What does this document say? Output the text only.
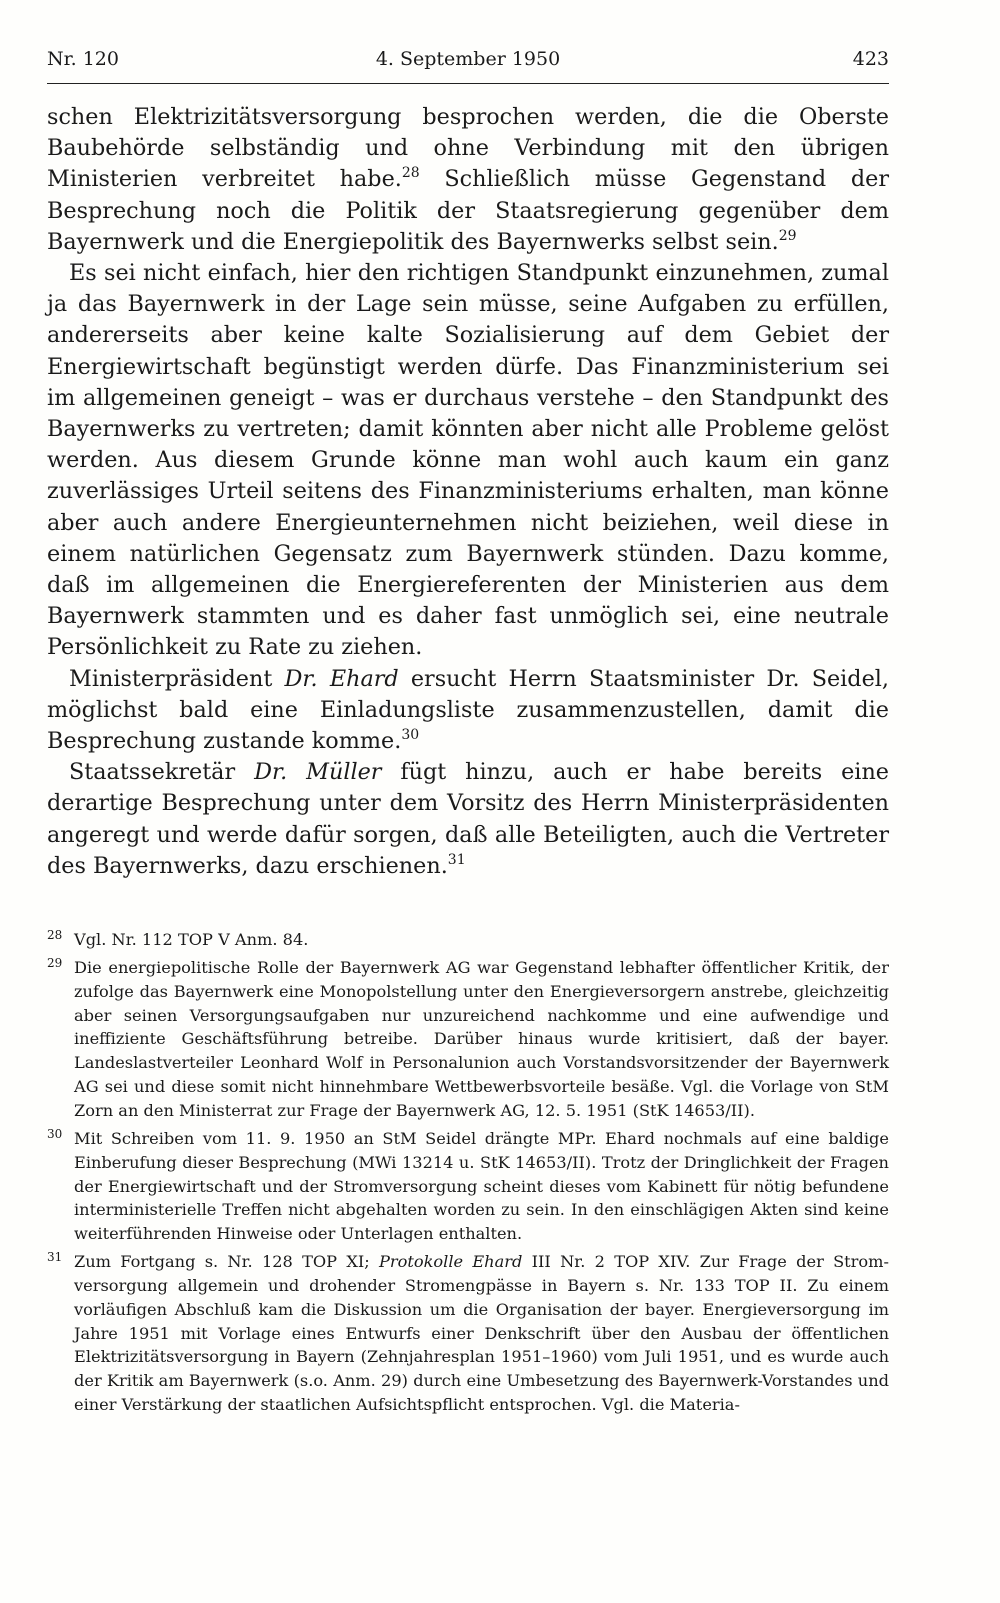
Nr. 120	4. September 1950	423

schen Elektrizitätsversorgung besprochen werden, die die Oberste Baubehörde selbständig und ohne Verbindung mit den übrigen Ministerien verbreitet habe.$^{28}$ Schließlich müsse Gegenstand der Besprechung noch die Politik der Staatsregierung gegenüber dem Bayernwerk und die Energiepolitik des Bayernwerks selbst sein.$^{29}$

Es sei nicht einfach, hier den richtigen Standpunkt einzunehmen, zumal ja das Bayernwerk in der Lage sein müsse, seine Aufgaben zu erfüllen, andererseits aber keine kalte Sozialisierung auf dem Gebiet der Energiewirtschaft begünstigt werden dürfe. Das Finanzministerium sei im allgemeinen geneigt – was er durchaus verstehe – den Standpunkt des Bayernwerks zu vertreten; damit könnten aber nicht alle Probleme gelöst werden. Aus diesem Grunde könne man wohl auch kaum ein ganz zuverlässiges Urteil seitens des Finanzministeriums erhalten, man könne aber auch andere Energieunternehmen nicht beiziehen, weil diese in einem natürlichen Gegensatz zum Bayernwerk stünden. Dazu komme, daß im allgemeinen die Energiereferenten der Ministerien aus dem Bayernwerk stammten und es daher fast unmöglich sei, eine neutrale Persönlichkeit zu Rate zu ziehen.

Ministerpräsident Dr. Ehard ersucht Herrn Staatsminister Dr. Seidel, möglichst bald eine Einladungsliste zusammenzustellen, damit die Besprechung zustande komme.$^{30}$

Staatssekretär Dr. Müller fügt hinzu, auch er habe bereits eine derartige Besprechung unter dem Vorsitz des Herrn Ministerpräsidenten angeregt und werde dafür sorgen, daß alle Beteiligten, auch die Vertreter des Bayernwerks, dazu erschienen.$^{31}$

28 Vgl. Nr. 112 TOP V Anm. 84.
29 Die energiepolitische Rolle der Bayernwerk AG war Gegenstand lebhafter öffentlicher Kritik, der zufolge das Bayernwerk eine Monopolstellung unter den Energieversorgern anstrebe, gleichzeitig aber seinen Versorgungsaufgaben nur unzureichend nachkomme und eine aufwendige und ineffiziente Geschäftsführung betreibe. Darüber hinaus wurde kritisiert, daß der bayer. Landeslastverteiler Leonhard Wolf in Personalunion auch Vorstandsvorsitzender der Bayernwerk AG sei und diese somit nicht hinnehmbare Wettbewerbsvorteile besäße. Vgl. die Vorlage von StM Zorn an den Ministerrat zur Frage der Bayernwerk AG, 12. 5. 1951 (StK 14653/II).
30 Mit Schreiben vom 11. 9. 1950 an StM Seidel drängte MPr. Ehard nochmals auf eine baldige Einberufung dieser Besprechung (MWi 13214 u. StK 14653/II). Trotz der Dringlichkeit der Fragen der Energiewirtschaft und der Stromversorgung scheint dieses vom Kabinett für nötig befundene interministerielle Treffen nicht abgehalten worden zu sein. In den einschlägigen Akten sind keine weiterführenden Hinweise oder Unterlagen enthalten.
31 Zum Fortgang s. Nr. 128 TOP XI; Protokolle Ehard III Nr. 2 TOP XIV. Zur Frage der Stromversorgung allgemein und drohender Stromengpässe in Bayern s. Nr. 133 TOP II. Zu einem vorläufigen Abschluß kam die Diskussion um die Organisation der bayer. Energieversorgung im Jahre 1951 mit Vorlage eines Entwurfs einer Denkschrift über den Ausbau der öffentlichen Elektrizitätsversorgung in Bayern (Zehnjahresplan 1951–1960) vom Juli 1951, und es wurde auch der Kritik am Bayernwerk (s.o. Anm. 29) durch eine Umbesetzung des Bayernwerk-Vorstandes und einer Verstärkung der staatlichen Aufsichtspflicht entsprochen. Vgl. die Materia-
